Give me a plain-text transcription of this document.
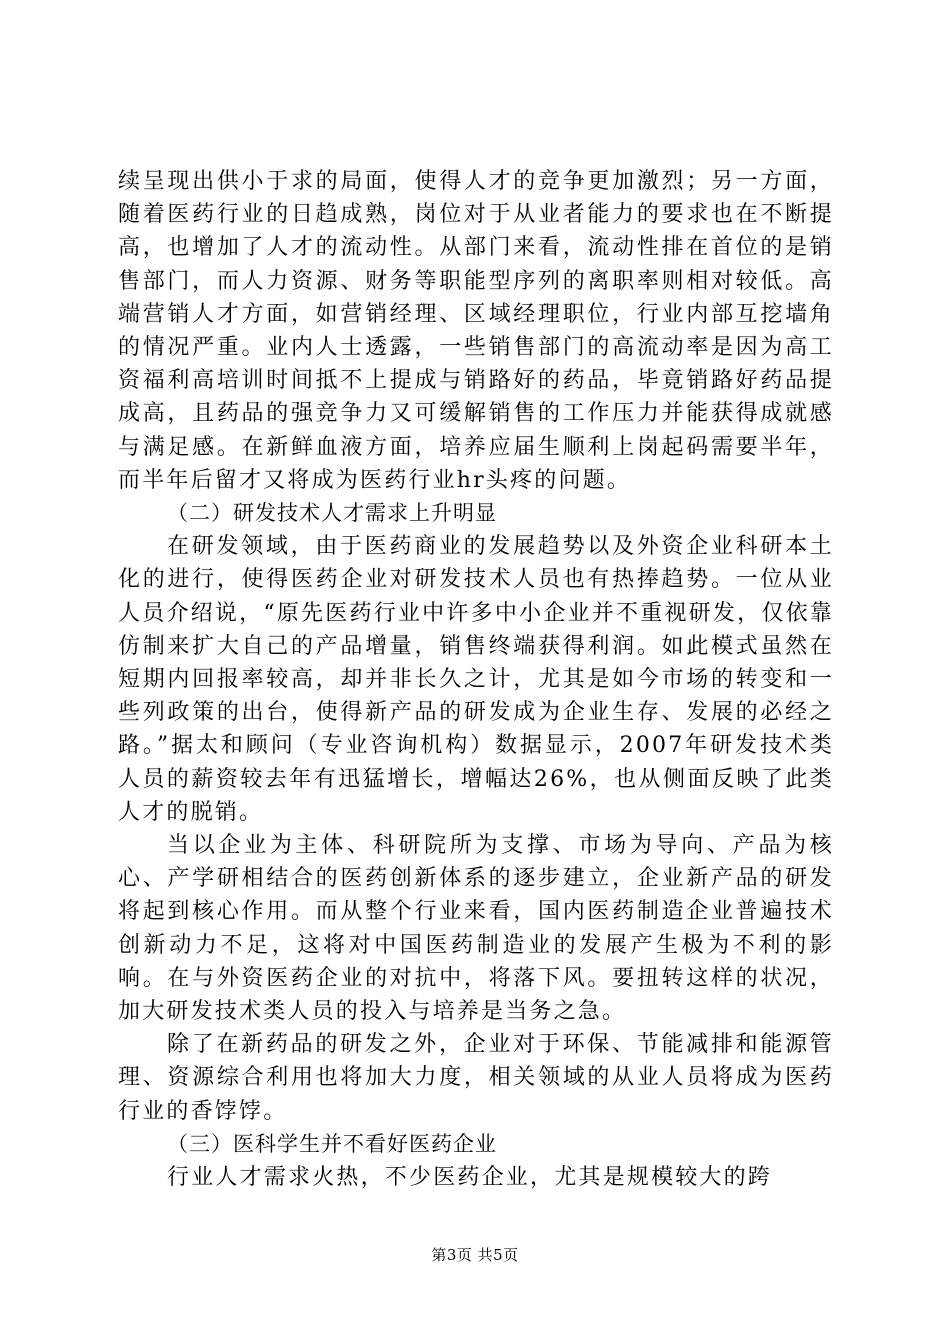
续呈现出供小于求的局面，使得人才的竞争更加激烈；另一方面，随着医药行业的日趋成熟，岗位对于从业者能力的要求也在不断提高，也增加了人才的流动性。从部门来看，流动性排在首位的是销售部门，而人力资源、财务等职能型序列的离职率则相对较低。高端营销人才方面，如营销经理、区域经理职位，行业内部互挖墙角的情况严重。业内人士透露，一些销售部门的高流动率是因为高工资福利高培训时间抵不上提成与销路好的药品，毕竟销路好药品提成高，且药品的强竞争力又可缓解销售的工作压力并能获得成就感与满足感。在新鲜血液方面，培养应届生顺利上岗起码需要半年，而半年后留才又将成为医药行业hr头疼的问题。

（二）研发技术人才需求上升明显

在研发领域，由于医药商业的发展趋势以及外资企业科研本土化的进行，使得医药企业对研发技术人员也有热捧趋势。一位从业人员介绍说，“原先医药行业中许多中小企业并不重视研发，仅依靠仿制来扩大自己的产品增量，销售终端获得利润。如此模式虽然在短期内回报率较高，却并非长久之计，尤其是如今市场的转变和一些列政策的出台，使得新产品的研发成为企业生存、发展的必经之路。”据太和顾问（专业咨询机构）数据显示，2007年研发技术类人员的薪资较去年有迅猛增长，增幅达26%，也从侧面反映了此类人才的脱销。

当以企业为主体、科研院所为支撑、市场为导向、产品为核心、产学研相结合的医药创新体系的逐步建立，企业新产品的研发将起到核心作用。而从整个行业来看，国内医药制造企业普遍技术创新动力不足，这将对中国医药制造业的发展产生极为不利的影响。在与外资医药企业的对抗中，将落下风。要扭转这样的状况，加大研发技术类人员的投入与培养是当务之急。

除了在新药品的研发之外，企业对于环保、节能减排和能源管理、资源综合利用也将加大力度，相关领域的从业人员将成为医药行业的香饽饽。

（三）医科学生并不看好医药企业

行业人才需求火热，不少医药企业，尤其是规模较大的跨

第3页 共5页
